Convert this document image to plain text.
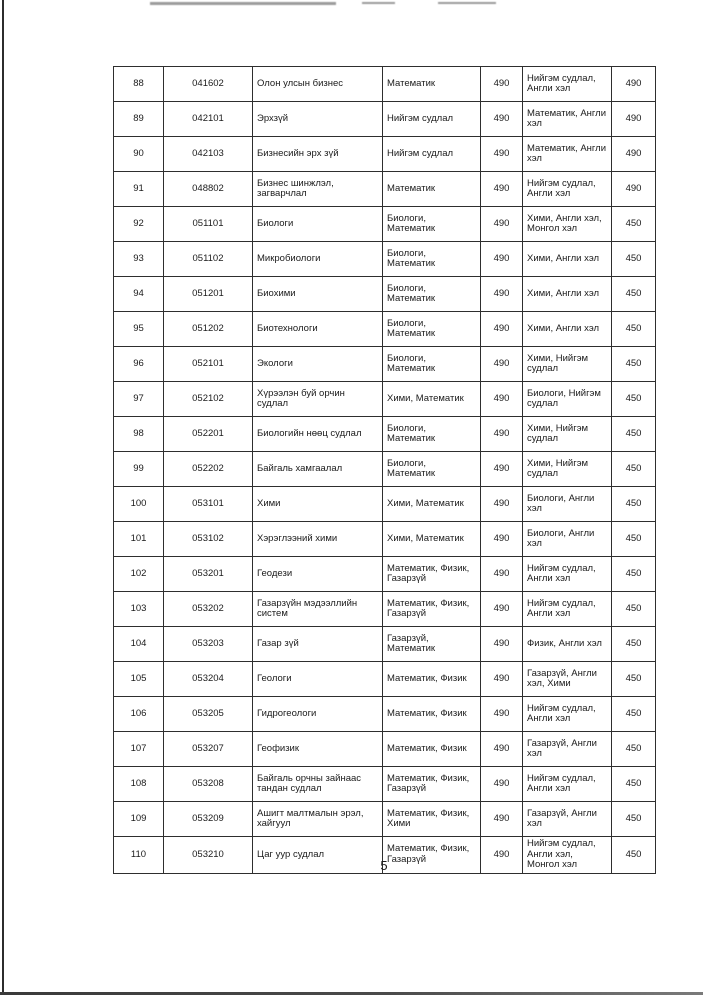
88	041602	Олон улсын бизнес	Математик	490	Нийгэм судлал, Англи хэл	490
89	042101	Эрхзүй	Нийгэм судлал	490	Математик, Англи хэл	490
90	042103	Бизнесийн эрх зүй	Нийгэм судлал	490	Математик, Англи хэл	490
91	048802	Бизнес шинжлэл, загварчлал	Математик	490	Нийгэм судлал, Англи хэл	490
92	051101	Биологи	Биологи, Математик	490	Хими, Англи хэл, Монгол хэл	450
93	051102	Микробиологи	Биологи, Математик	490	Хими, Англи хэл	450
94	051201	Биохими	Биологи, Математик	490	Хими, Англи хэл	450
95	051202	Биотехнологи	Биологи, Математик	490	Хими, Англи хэл	450
96	052101	Экологи	Биологи, Математик	490	Хими, Нийгэм судлал	450
97	052102	Хүрээлэн буй орчин судлал	Хими, Математик	490	Биологи, Нийгэм судлал	450
98	052201	Биологийн нөөц судлал	Биологи, Математик	490	Хими, Нийгэм судлал	450
99	052202	Байгаль хамгаалал	Биологи, Математик	490	Хими, Нийгэм судлал	450
100	053101	Хими	Хими, Математик	490	Биологи, Англи хэл	450
101	053102	Хэрэглээний хими	Хими, Математик	490	Биологи, Англи хэл	450
102	053201	Геодези	Математик, Физик, Газарзүй	490	Нийгэм судлал, Англи хэл	450
103	053202	Газарзүйн мэдээллийн систем	Математик, Физик, Газарзүй	490	Нийгэм судлал, Англи хэл	450
104	053203	Газар зүй	Газарзүй, Математик	490	Физик, Англи хэл	450
105	053204	Геологи	Математик, Физик	490	Газарзүй, Англи хэл, Хими	450
106	053205	Гидрогеологи	Математик, Физик	490	Нийгэм судлал, Англи хэл	450
107	053207	Геофизик	Математик, Физик	490	Газарзүй, Англи хэл	450
108	053208	Байгаль орчны зайнаас тандан судлал	Математик, Физик, Газарзүй	490	Нийгэм судлал, Англи хэл	450
109	053209	Ашигт малтмалын эрэл, хайгуул	Математик, Физик, Хими	490	Газарзүй, Англи хэл	450
110	053210	Цаг уур судлал	Математик, Физик, Газарзүй	490	Нийгэм судлал, Англи хэл, Монгол хэл	450
5
